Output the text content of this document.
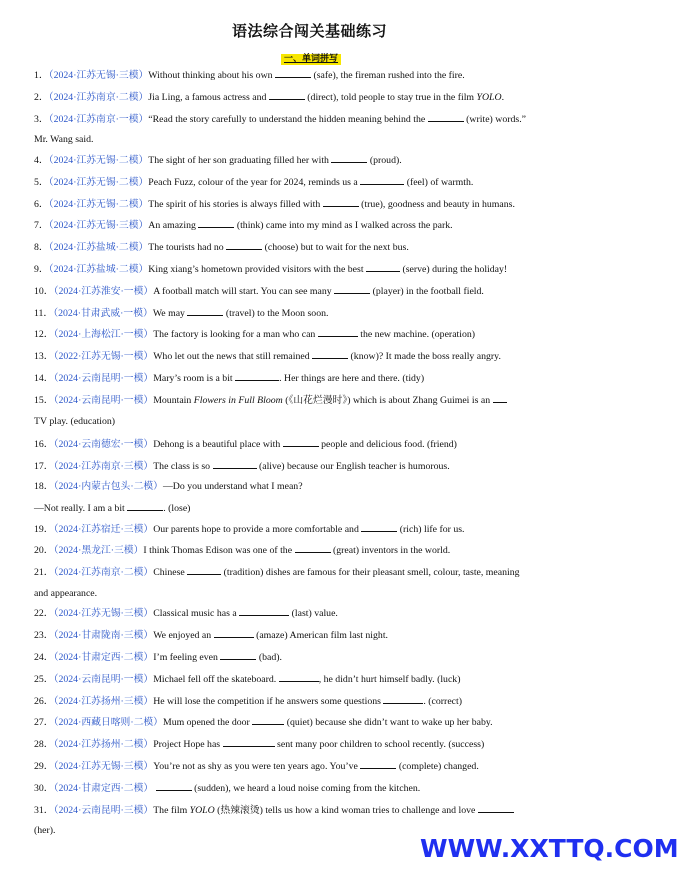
语法综合闯关基础练习
一、单词拼写
1．（2024·江苏无锡·三模）Without thinking about his own	(safe), the fireman rushed into the fire.
2．（2024·江苏南京·二模）Jia Ling, a famous actress and	(direct), told people to stay true in the film YOLO.
3．（2024·江苏南京·一模）“Read the story carefully to understand the hidden meaning behind the	(write) words.”
Mr. Wang said.
4．（2024·江苏无锡·二模）The sight of her son graduating filled her with	(proud).
5．（2024·江苏无锡·二模）Peach Fuzz, colour of the year for 2024, reminds us a	(feel) of warmth.
6．（2024·江苏无锡·二模）The spirit of his stories is always filled with	(true), goodness and beauty in humans.
7．（2024·江苏无锡·三模）An amazing	(think) came into my mind as I walked across the park.
8．（2024·江苏盐城·二模）The tourists had no	(choose) but to wait for the next bus.
9．（2024·江苏盐城·二模）King xiang’s hometown provided visitors with the best	(serve) during the holiday!
10．（2024·江苏淮安·一模）A football match will start. You can see many	(player) in the football field.
11．（2024·甘肃武威·一模）We may	(travel) to the Moon soon.
12．（2024·上海松江·一模）The factory is looking for a man who can	the new machine. (operation)
13．（2022·江苏无锡·一模）Who let out the news that still remained	(know)? It made the boss really angry.
14．（2024·云南昆明·一模）Mary’s room is a bit	. Her things are here and there. (tidy)
15．（2024·云南昆明·一模）Mountain Flowers in Full Bloom (《山花烂漫时》) which is about Zhang Guimei is an
TV play. (education)
16．（2024·云南德宏·一模）Dehong is a beautiful place with	people and delicious food. (friend)
17．（2024·江苏南京·三模）The class is so	(alive) because our English teacher is humorous.
18．（2024·内蒙古包头·二模）—Do you understand what I mean?
—Not really. I am a bit	. (lose)
19．（2024·江苏宿迁·三模）Our parents hope to provide a more comfortable and	(rich) life for us.
20．（2024·黑龙江·三模）I think Thomas Edison was one of the	(great) inventors in the world.
21．（2024·江苏南京·二模）Chinese	(tradition) dishes are famous for their pleasant smell, colour, taste, meaning
and appearance.
22．（2024·江苏无锡·三模）Classical music has a	(last) value.
23．（2024·甘肃陇南·三模）We enjoyed an	(amaze) American film last night.
24．（2024·甘肃定西·二模）I’m feeling even	(bad).
25．（2024·云南昆明·一模）Michael fell off the skateboard.	, he didn’t hurt himself badly. (luck)
26．（2024·江苏扬州·三模）He will lose the competition if he answers some questions	. (correct)
27．（2024·西藏日喀则·二模）Mum opened the door	(quiet) because she didn’t want to wake up her baby.
28．（2024·江苏扬州·二模）Project Hope has	sent many poor children to school recently. (success)
29．（2024·江苏无锡·三模）You’re not as shy as you were ten years ago. You’ve	(complete) changed.
30．（2024·甘肃定西·二模）	(sudden), we heard a loud noise coming from the kitchen.
31．（2024·云南昆明·三模）The film YOLO (热辣滚烫) tells us how a kind woman tries to challenge and love
(her).
WWW.XXTTQ.COM
